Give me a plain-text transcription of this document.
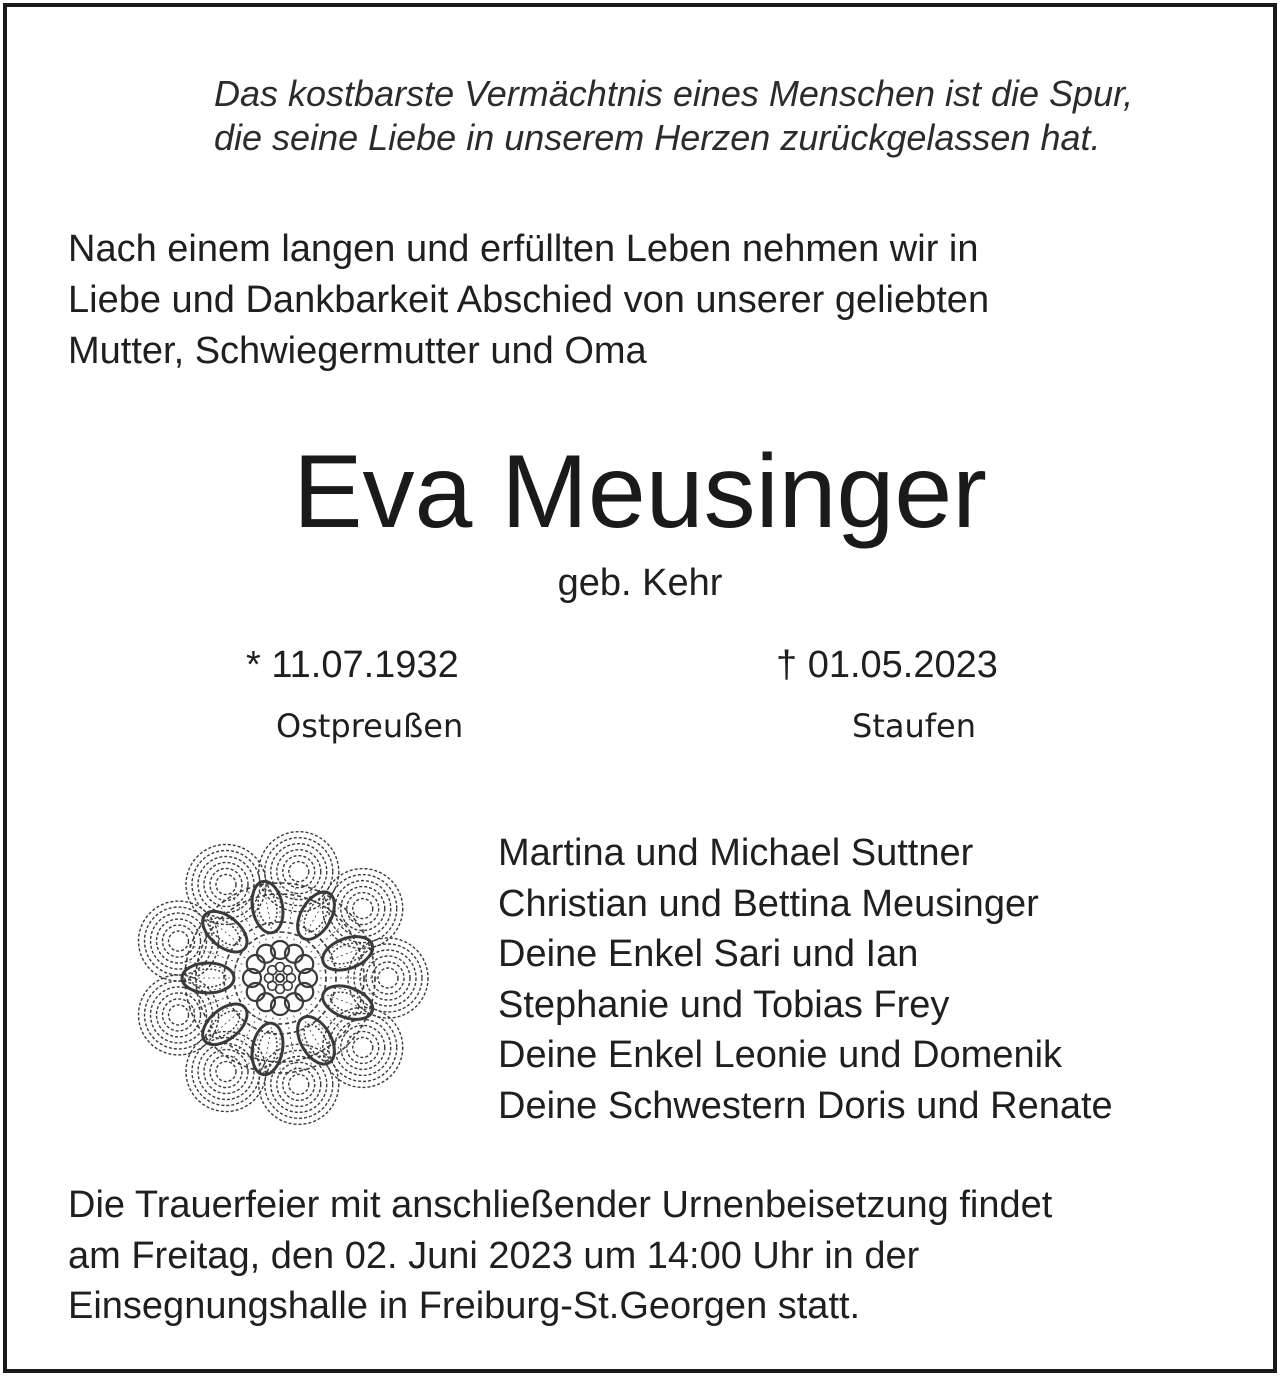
Das kostbarste Vermächtnis eines Menschen ist die Spur,
die seine Liebe in unserem Herzen zurückgelassen hat.
Nach einem langen und erfüllten Leben nehmen wir in
Liebe und Dankbarkeit Abschied von unserer geliebten
Mutter, Schwiegermutter und Oma
Eva Meusinger
geb. Kehr
* 11.07.1932	† 01.05.2023
Ostpreußen	Staufen
Martina und Michael Suttner
Christian und Bettina Meusinger
Deine Enkel Sari und Ian
Stephanie und Tobias Frey
Deine Enkel Leonie und Domenik
Deine Schwestern Doris und Renate
Die Trauerfeier mit anschließender Urnenbeisetzung findet
am Freitag, den 02. Juni 2023 um 14:00 Uhr in der
Einsegnungshalle in Freiburg-St.Georgen statt.
